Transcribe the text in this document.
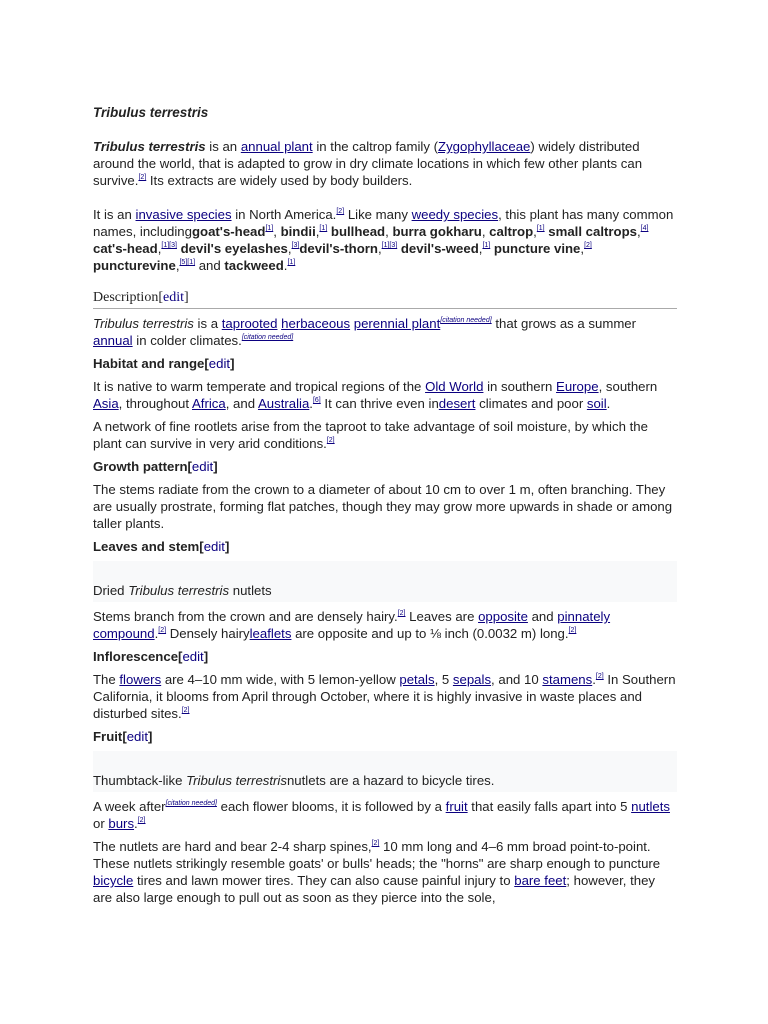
Tribulus terrestris

Tribulus terrestris is an annual plant in the caltrop family (Zygophyllaceae) widely distributed around the world, that is adapted to grow in dry climate locations in which few other plants can survive.[2] Its extracts are widely used by body builders.

It is an invasive species in North America.[2] Like many weedy species, this plant has many common names, includinggoat's-head[1], bindii,[1] bullhead, burra gokharu, caltrop,[1] small caltrops,[4] cat's-head,[1][3] devil's eyelashes,[3]devil's-thorn,[1][3] devil's-weed,[1] puncture vine,[2] puncturevine,[5][1] and tackweed.[1]

Description[edit]

Tribulus terrestris is a taprooted herbaceous perennial plant[citation needed] that grows as a summer annual in colder climates.[citation needed]

Habitat and range[edit]

It is native to warm temperate and tropical regions of the Old World in southern Europe, southern Asia, throughout Africa, and Australia.[6] It can thrive even indesert climates and poor soil.

A network of fine rootlets arise from the taproot to take advantage of soil moisture, by which the plant can survive in very arid conditions.[2]

Growth pattern[edit]

The stems radiate from the crown to a diameter of about 10 cm to over 1 m, often branching. They are usually prostrate, forming flat patches, though they may grow more upwards in shade or among taller plants.

Leaves and stem[edit]
Dried Tribulus terrestris nutlets

Stems branch from the crown and are densely hairy.[2] Leaves are opposite and pinnately compound.[2] Densely hairyleaflets are opposite and up to ⅛ inch (0.0032 m) long.[2]

Inflorescence[edit]

The flowers are 4–10 mm wide, with 5 lemon-yellow petals, 5 sepals, and 10 stamens.[2] In Southern California, it blooms from April through October, where it is highly invasive in waste places and disturbed sites.[2]

Fruit[edit]
Thumbtack-like Tribulus terrestrisnutlets are a hazard to bicycle tires.

A week after[citation needed] each flower blooms, it is followed by a fruit that easily falls apart into 5 nutlets or burs.[2]

The nutlets are hard and bear 2-4 sharp spines,[2] 10 mm long and 4–6 mm broad point-to-point. These nutlets strikingly resemble goats' or bulls' heads; the "horns" are sharp enough to puncture bicycle tires and lawn mower tires. They can also cause painful injury to bare feet; however, they are also large enough to pull out as soon as they pierce into the sole,
